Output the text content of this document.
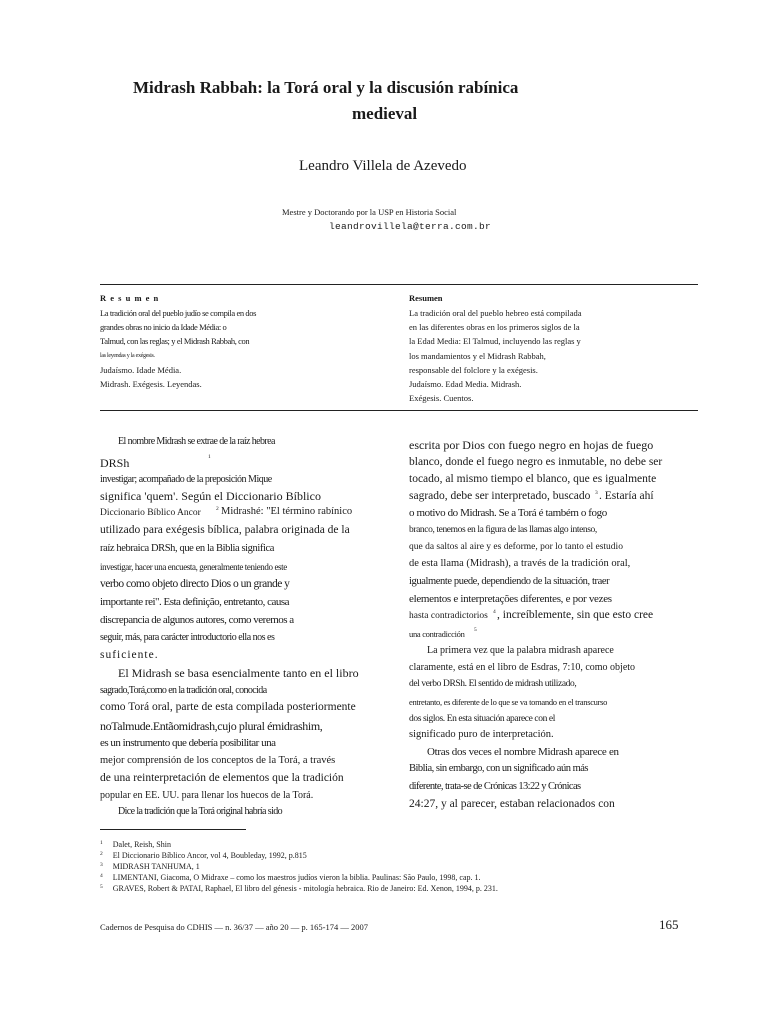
Midrash Rabbah: la Torá oral y la discusión rabínica
medieval
Leandro Villela de Azevedo
Mestre y Doctorando por la USP en Historia Social
leandrovillela@terra.com.br
R e s u m e n
La tradición oral del pueblo judío se compila en dos
grandes obras no inicio da Idade Média: o
Talmud, con las reglas; y el Midrash Rabbah, con
las leyendas y la exégesis.
Judaísmo. Idade Média.
Midrash. Exégesis. Leyendas.
Resumen
La tradición oral del pueblo hebreo está compilada
en las diferentes obras en los primeros siglos de la
la Edad Media: El Talmud, incluyendo las reglas y
los mandamientos y el Midrash Rabbah,
responsable del folclore y la exégesis.
Judaísmo. Edad Media. Midrash.
Exégesis. Cuentos.
El nombre Midrash se extrae de la raíz hebrea
DRSh	1
investigar; acompañado de la preposición Mique
significa 'quem'. Según el Diccionario Bíblico
Diccionario Bíblico Ancor	2 Midrashé: "El término rabínico
utilizado para exégesis bíblica, palabra originada de la
raíz hebraica DRSh, que en la Biblia significa
investigar, hacer una encuesta, generalmente teniendo este
verbo como objeto directo Dios o un grande y
importante rei". Esta definição, entretanto, causa
discrepancia de algunos autores, como veremos a
seguir, más, para carácter introductorio ella nos es
suficiente.
El Midrash se basa esencialmente tanto en el libro
sagrado,Torá,como en la tradición oral, conocida
como Torá oral, parte de esta compilada posteriormente
noTalmude.Entãomidrash,cujo plural émidrashim,
es un instrumento que debería posibilitar una
mejor comprensión de los conceptos de la Torá, a través
de una reinterpretación de elementos que la tradición
popular en EE. UU. para llenar los huecos de la Torá.
Dice la tradición que la Torá original habría sido
escrita por Dios con fuego negro en hojas de fuego
blanco, donde el fuego negro es inmutable, no debe ser
tocado, al mismo tiempo el blanco, que es igualmente
sagrado, debe ser interpretado, buscado 3 . Estaría ahí
o motivo do Midrash. Se a Torá é também o fogo
branco, tenemos en la figura de las llamas algo intenso,
que da saltos al aire y es deforme, por lo tanto el estudio
de esta llama (Midrash), a través de la tradición oral,
igualmente puede, dependiendo de la situación, traer
elementos e interpretações diferentes, e por vezes
hasta contradictorios 4 , increíblemente, sin que esto cree
una contradicción 5
La primera vez que la palabra midrash aparece
claramente, está en el libro de Esdras, 7:10, como objeto
del verbo DRSh. El sentido de midrash utilizado,
entretanto, es diferente de lo que se va tomando en el transcurso
dos siglos. En esta situación aparece con el
significado puro de interpretación.
Otras dos veces el nombre Midrash aparece en
Biblia, sin embargo, con un significado aún más
diferente, trata-se de Crónicas 13:22 y Crónicas
24:27, y al parecer, estaban relacionados con
$^1$ Dalet, Reish, Shin
$^2$ El Diccionario Bíblico Ancor, vol 4, Boubleday, 1992, p.815
$^3$ MIDRASH TANHUMA, 1
$^4$ LIMENTANI, Giacoma, O Midraxe – como los maestros judíos vieron la biblia. Paulinas: São Paulo, 1998, cap. 1.
$^5$ GRAVES, Robert & PATAI, Raphael, El libro del génesis - mitología hebraica. Rio de Janeiro: Ed. Xenon, 1994, p. 231.
Cadernos de Pesquisa do CDHIS — n. 36/37 — año 20 — p. 165-174 — 2007	165
